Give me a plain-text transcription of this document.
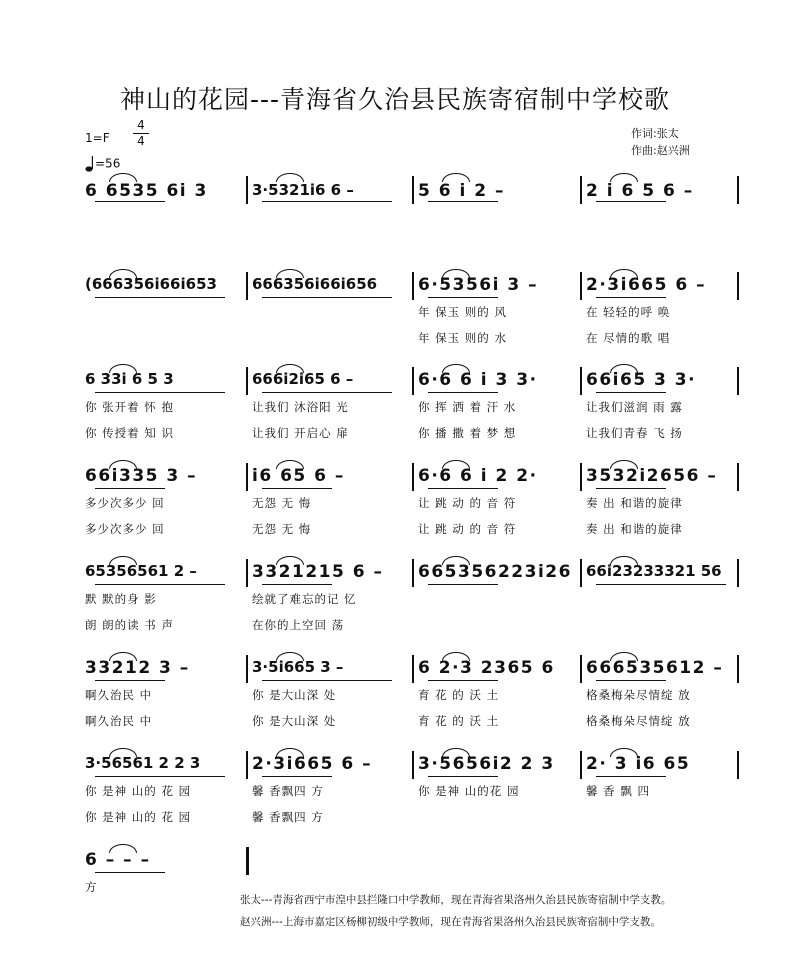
神山的花园---青海省久治县民族寄宿制中学校歌
1=F
4
4
=56
作词:张太
作曲:赵兴洲
6 6535 6i 3	3·5321i6 6 –	5 6 i 2 –	2 i 6 5 6 –
(666356i66i653 666356i66i656 6·5356i 3 –
年 保玉 则的 风
年 保玉 则的 水
2·3i665 6 –
在 轻轻的呼 唤
在 尽情的歌 唱
6 33i 6 5 3
你 张开着 怀 抱
你 传授着 知 识
666i2i65 6 –
让我们 沐浴阳 光
让我们 开启心 扉
6·6 6 i 3 3·
你 挥 洒 着 汗 水
你 播 撒 着 梦 想
66i65 3 3·
让我们滋润 雨 露
让我们青春 飞 扬
66i335 3 –
多少次多少 回
多少次多少 回
i6 65 6 –
无怨 无 悔
无怨 无 悔
6·6 6 i 2 2·
让 跳 动 的 音 符
让 跳 动 的 音 符
3532i2656 –
奏 出 和谐的旋律
奏 出 和谐的旋律
65356561 2 –
默 默的身 影
朗 朗的读 书 声
3321215 6 –
绘就了难忘的记 忆
在你的上空回 荡
665356223i26 66i23233321 56
33212 3 –
啊久治民 中
啊久治民 中
3·5i665 3 –
你 是大山深 处
你 是大山深 处
6 2·3 2365 6
育 花 的 沃 土
育 花 的 沃 土
666535612 –
格桑梅朵尽情绽 放
格桑梅朵尽情绽 放
3·56561 2 2 3
你 是神 山的 花 园
你 是神 山的 花 园
2·3i665 6 –
馨 香飘四 方
馨 香飘四 方
3·5656i2 2 3
你 是神 山的花 园
2· 3 i6 65
馨 香 飘 四
6 – – –
方
张太---青海省西宁市湟中县拦隆口中学教师，现在青海省果洛州久治县民族寄宿制中学支教。
赵兴洲---上海市嘉定区杨柳初级中学教师，现在青海省果洛州久治县民族寄宿制中学支教。
